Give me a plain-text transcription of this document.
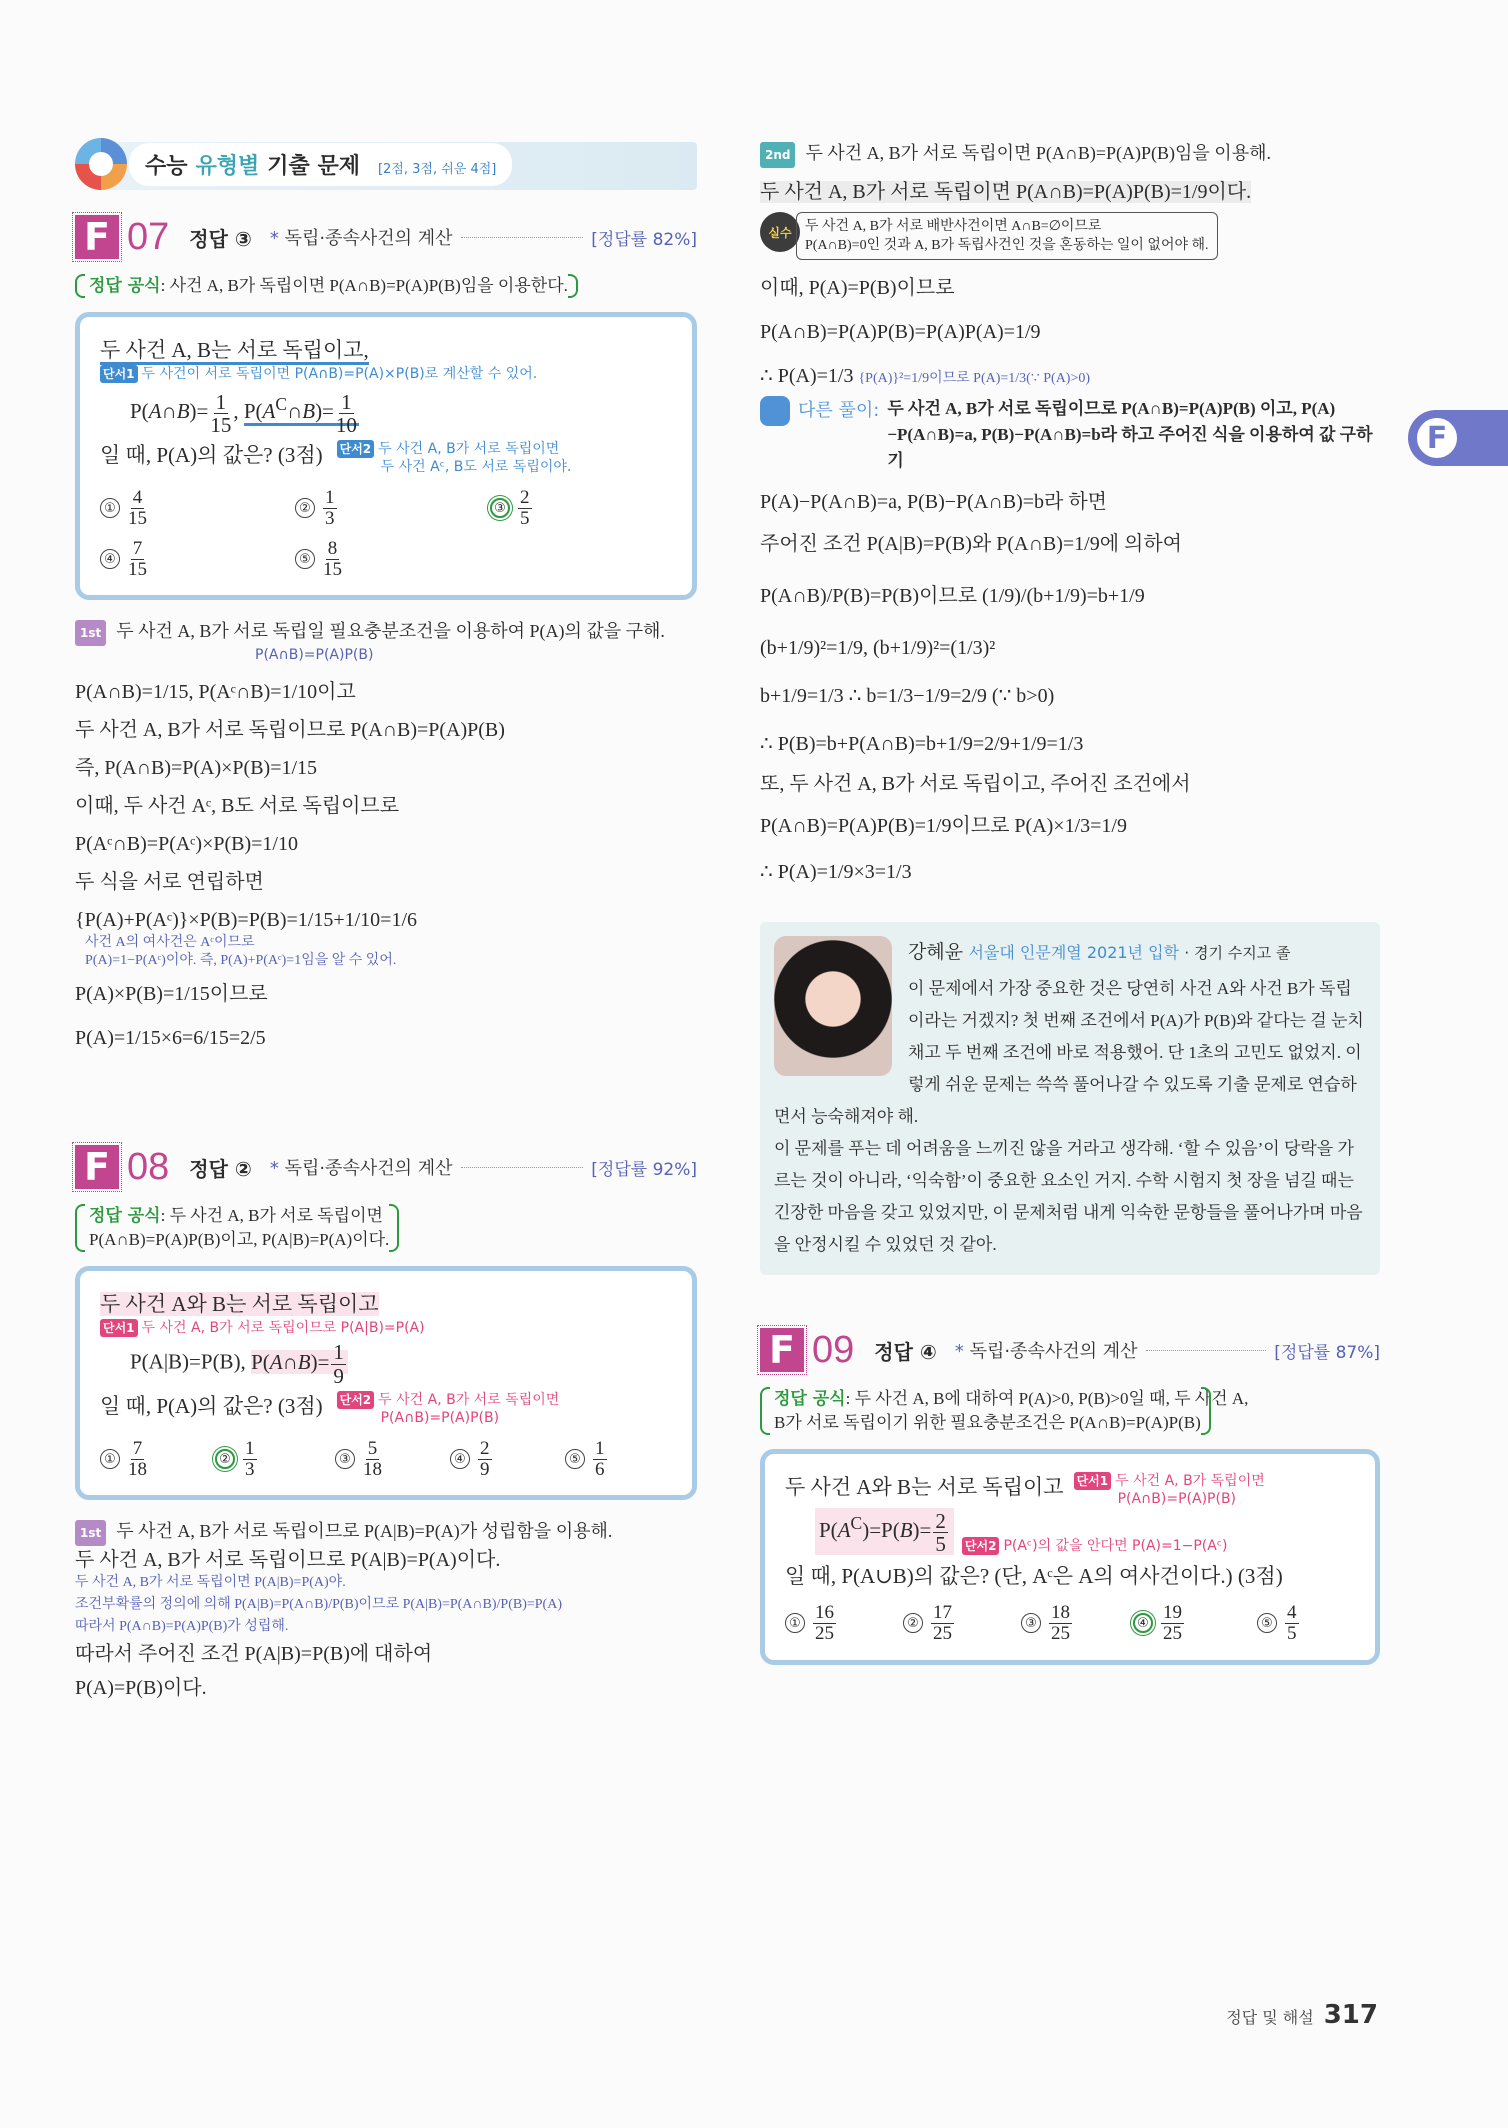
F
수능 유형별 기출 문제 [2점, 3점, 쉬운 4점]
F 07 정답 ③ * 독립·종속사건의 계산	[정답률 82%]
정답 공식: 사건 A, B가 독립이면 P(A∩B)=P(A)P(B)임을 이용한다.
두 사건 A, B는 서로 독립이고,
단서1 두 사건이 서로 독립이면 P(A∩B)=P(A)×P(B)로 계산할 수 있어.
P(A∩B)= $\frac{1}{15}$ , $P(A^C\cap B)= \frac{1}{10}$
일 때, P(A)의 값은? (3점) 단서2 두 사건 A, B가 서로 독립이면
두 사건 Aᶜ, B도 서로 독립이야.
① $\frac{4}{15}$	② $\frac{1}{3}$	③ $\frac{2}{5}$
④ $\frac{7}{15}$	⑤ $\frac{8}{15}$
1st 두 사건 A, B가 서로 독립일 필요충분조건을 이용하여 P(A)의 값을 구해.
P(A∩B)=P(A)P(B)
P(A∩B)=1/15, P(Aᶜ∩B)=1/10이고
두 사건 A, B가 서로 독립이므로 P(A∩B)=P(A)P(B)
즉, P(A∩B)=P(A)×P(B)=1/15
이때, 두 사건 Aᶜ, B도 서로 독립이므로
P(Aᶜ∩B)=P(Aᶜ)×P(B)=1/10
두 식을 서로 연립하면
{P(A)+P(Aᶜ)}×P(B)=P(B)=1/15+1/10=1/6
사건 A의 여사건은 Aᶜ이므로
P(A)=1−P(Aᶜ)이야. 즉, P(A)+P(Aᶜ)=1임을 알 수 있어.
P(A)×P(B)=1/15이므로
P(A)=1/15×6=6/15=2/5
F 08 정답 ② * 독립·종속사건의 계산	[정답률 92%]
정답 공식: 두 사건 A, B가 서로 독립이면
P(A∩B)=P(A)P(B)이고, P(A|B)=P(A)이다.
두 사건 A와 B는 서로 독립이고
단서1 두 사건 A, B가 서로 독립이므로 P(A|B)=P(A)
P(A|B)=P(B), P(A∩B)= $\frac{1}{9}$
일 때, P(A)의 값은? (3점) 단서2 두 사건 A, B가 서로 독립이면
P(A∩B)=P(A)P(B)
① $\frac{7}{18}$	② $\frac{1}{3}$	③ $\frac{5}{18}$	④ $\frac{2}{9}$	⑤ $\frac{1}{6}$
1st 두 사건 A, B가 서로 독립이므로 P(A|B)=P(A)가 성립함을 이용해.
두 사건 A, B가 서로 독립이므로 P(A|B)=P(A)이다.
두 사건 A, B가 서로 독립이면 P(A|B)=P(A)야.
조건부확률의 정의에 의해 P(A|B)=P(A∩B)/P(B)이므로 P(A|B)=P(A∩B)/P(B)=P(A)
따라서 P(A∩B)=P(A)P(B)가 성립해.
따라서 주어진 조건 P(A|B)=P(B)에 대하여
P(A)=P(B)이다.
2nd 두 사건 A, B가 서로 독립이면 P(A∩B)=P(A)P(B)임을 이용해.
두 사건 A, B가 서로 독립이면 P(A∩B)=P(A)P(B)=1/9이다.
실수 두 사건 A, B가 서로 배반사건이면 A∩B=∅이므로
P(A∩B)=0인 것과 A, B가 독립사건인 것을 혼동하는 일이 없어야 해.
이때, P(A)=P(B)이므로
P(A∩B)=P(A)P(B)=P(A)P(A)=1/9
∴ P(A)=1/3 {P(A)}²=1/9이므로 P(A)=1/3(∵ P(A)>0)
다른 풀이: 두 사건 A, B가 서로 독립이므로 P(A∩B)=P(A)P(B) 이고, P(A)−P(A∩B)=a, P(B)−P(A∩B)=b라 하고 주어진 식을 이용하여 값 구하기
P(A)−P(A∩B)=a, P(B)−P(A∩B)=b라 하면
주어진 조건 P(A|B)=P(B)와 P(A∩B)=1/9에 의하여
P(A∩B)/P(B)=P(B)이므로 (1/9)/(b+1/9)=b+1/9
(b+1/9)²=1/9, (b+1/9)²=(1/3)²
b+1/9=1/3 ∴ b=1/3−1/9=2/9 (∵ b>0)
∴ P(B)=b+P(A∩B)=b+1/9=2/9+1/9=1/3
또, 두 사건 A, B가 서로 독립이고, 주어진 조건에서
P(A∩B)=P(A)P(B)=1/9이므로 P(A)×1/3=1/9
∴ P(A)=1/9×3=1/3
강혜윤 서울대 인문계열 2021년 입학 · 경기 수지고 졸
이 문제에서 가장 중요한 것은 당연히 사건 A와 사건 B가 독립이라는 거겠지? 첫 번째 조건에서 P(A)가 P(B)와 같다는 걸 눈치채고 두 번째 조건에 바로 적용했어. 단 1초의 고민도 없었지. 이렇게 쉬운 문제는 쓱쓱 풀어나갈 수 있도록 기출 문제로 연습하면서 능숙해져야 해.
이 문제를 푸는 데 어려움을 느끼진 않을 거라고 생각해. ‘할 수 있음’이 당락을 가르는 것이 아니라, ‘익숙함’이 중요한 요소인 거지. 수학 시험지 첫 장을 넘길 때는 긴장한 마음을 갖고 있었지만, 이 문제처럼 내게 익숙한 문항들을 풀어나가며 마음을 안정시킬 수 있었던 것 같아.
F 09 정답 ④ * 독립·종속사건의 계산	[정답률 87%]
정답 공식: 두 사건 A, B에 대하여 P(A)>0, P(B)>0일 때, 두 사건 A,
B가 서로 독립이기 위한 필요충분조건은 P(A∩B)=P(A)P(B)
두 사건 A와 B는 서로 독립이고 단서1 두 사건 A, B가 독립이면
P(A∩B)=P(A)P(B)
$P(A^C)=P(B)= \frac{2}{5}$ 단서2 P(Aᶜ)의 값을 안다면 P(A)=1−P(Aᶜ)
일 때, P(A∪B)의 값은? (단, Aᶜ은 A의 여사건이다.) (3점)
① $\frac{16}{25}$	② $\frac{17}{25}$	③ $\frac{18}{25}$	④ $\frac{19}{25}$	⑤ $\frac{4}{5}$
정답 및 해설 317
